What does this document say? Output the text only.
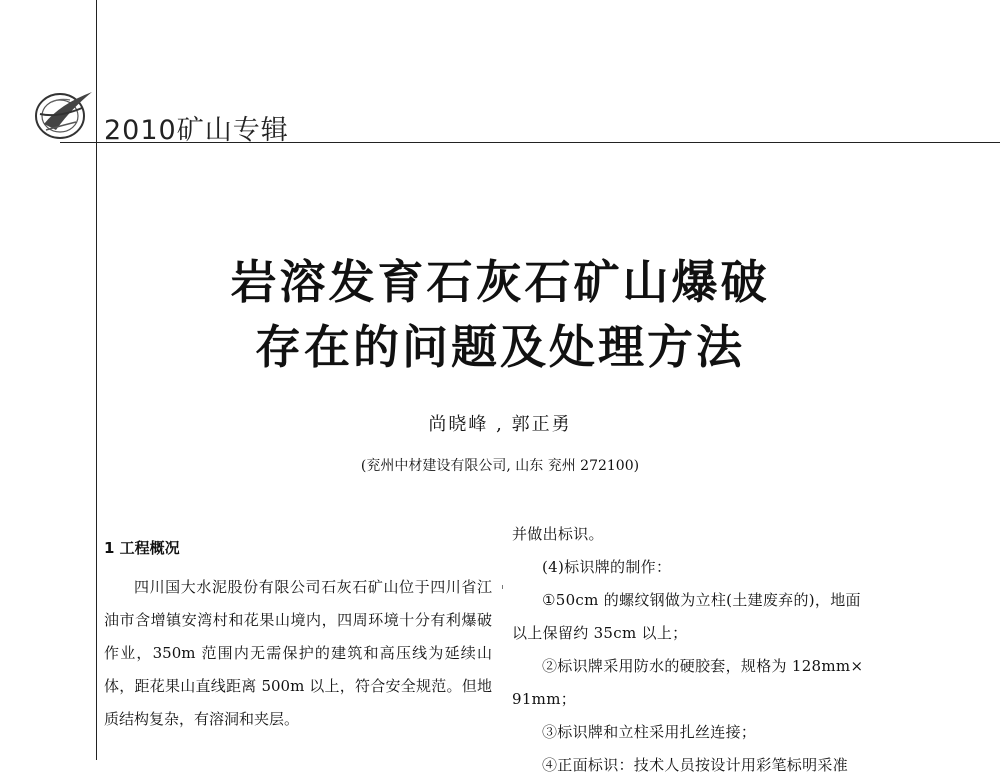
2010矿山专辑
岩溶发育石灰石矿山爆破
存在的问题及处理方法
尚晓峰 , 郭正勇
(兖州中材建设有限公司, 山东 兖州 272100)
1 工程概况
四川国大水泥股份有限公司石灰石矿山位于四川省江油市含增镇安湾村和花果山境内，四周环境十分有利爆破作业，350m 范围内无需保护的建筑和高压线为延续山体，距花果山直线距离 500m 以上，符合安全规范。但地质结构复杂，有溶洞和夹层。
并做出标识。
(4)标识牌的制作：
①50cm 的螺纹钢做为立柱(土建废弃的)，地面
以上保留约 35cm 以上；
②标识牌采用防水的硬胶套，规格为 128mm×
91mm；
③标识牌和立柱采用扎丝连接；
④正面标识：技术人员按设计用彩笔标明采准
